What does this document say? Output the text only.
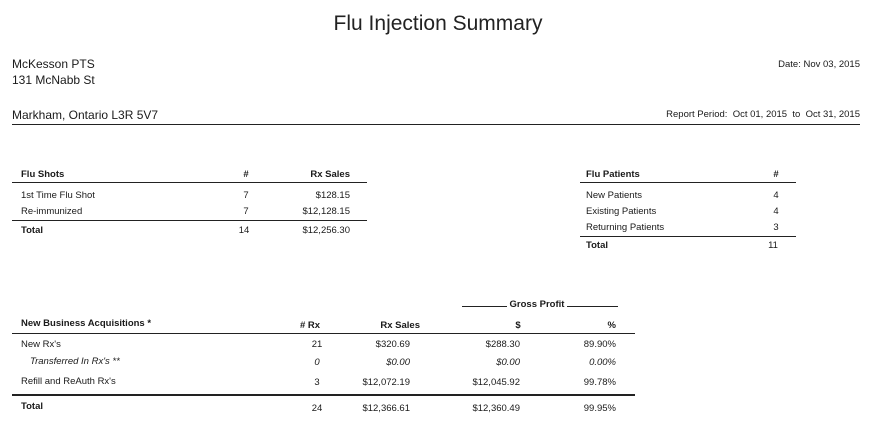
Flu Injection Summary
McKesson PTS
131 McNabb St
Markham, Ontario L3R 5V7
Date: Nov 03, 2015
Report Period: Oct 01, 2015 to Oct 31, 2015
Flu Shots	#	Rx Sales
1st Time Flu Shot	7	$128.15
Re-immunized	7	$12,128.15
Total	14	$12,256.30
Flu Patients	#
New Patients	4
Existing Patients	4
Returning Patients	3
Total	11
Gross Profit
New Business Acquisitions *	# Rx	Rx Sales	$	%
New Rx's	21	$320.69	$288.30	89.90%
Transferred In Rx's **	0	$0.00	$0.00	0.00%
Refill and ReAuth Rx's	3	$12,072.19	$12,045.92	99.78%
Total	24	$12,366.61	$12,360.49	99.95%
